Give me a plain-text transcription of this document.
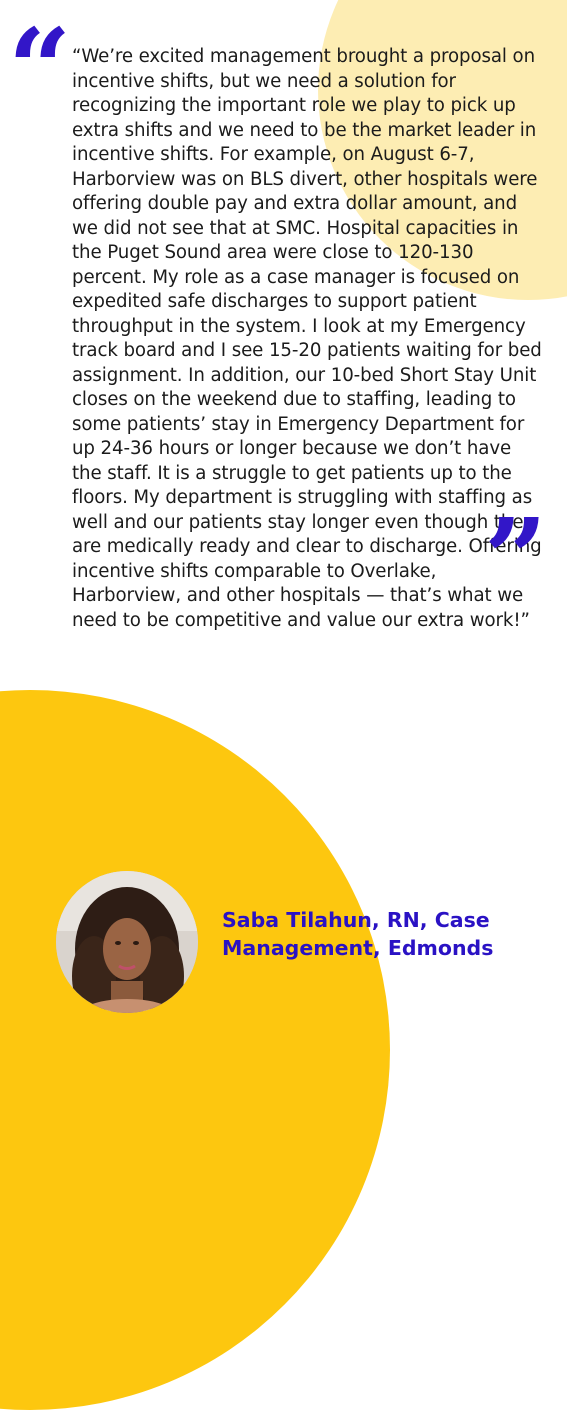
“ “We’re excited management brought a proposal on incentive shifts, but we need a solution for recognizing the important role we play to pick up extra shifts and we need to be the market leader in incentive shifts. For example, on August 6-7, Harborview was on BLS divert, other hospitals were offering double pay and extra dollar amount, and we did not see that at SMC. Hospital capacities in the Puget Sound area were close to 120-130 percent. My role as a case manager is focused on expedited safe discharges to support patient throughput in the system. I look at my Emergency track board and I see 15-20 patients waiting for bed assignment. In addition, our 10-bed Short Stay Unit closes on the weekend due to staffing, leading to some patients’ stay in Emergency Department for up 24-36 hours or longer because we don’t have the staff. It is a struggle to get patients up to the floors. My department is struggling with staffing as well and our patients stay longer even though they are medically ready and clear to discharge. Offering incentive shifts comparable to Overlake, Harborview, and other hospitals — that’s what we need to be competitive and value our extra work!”

”

Saba Tilahun, RN, Case Management, Edmonds
